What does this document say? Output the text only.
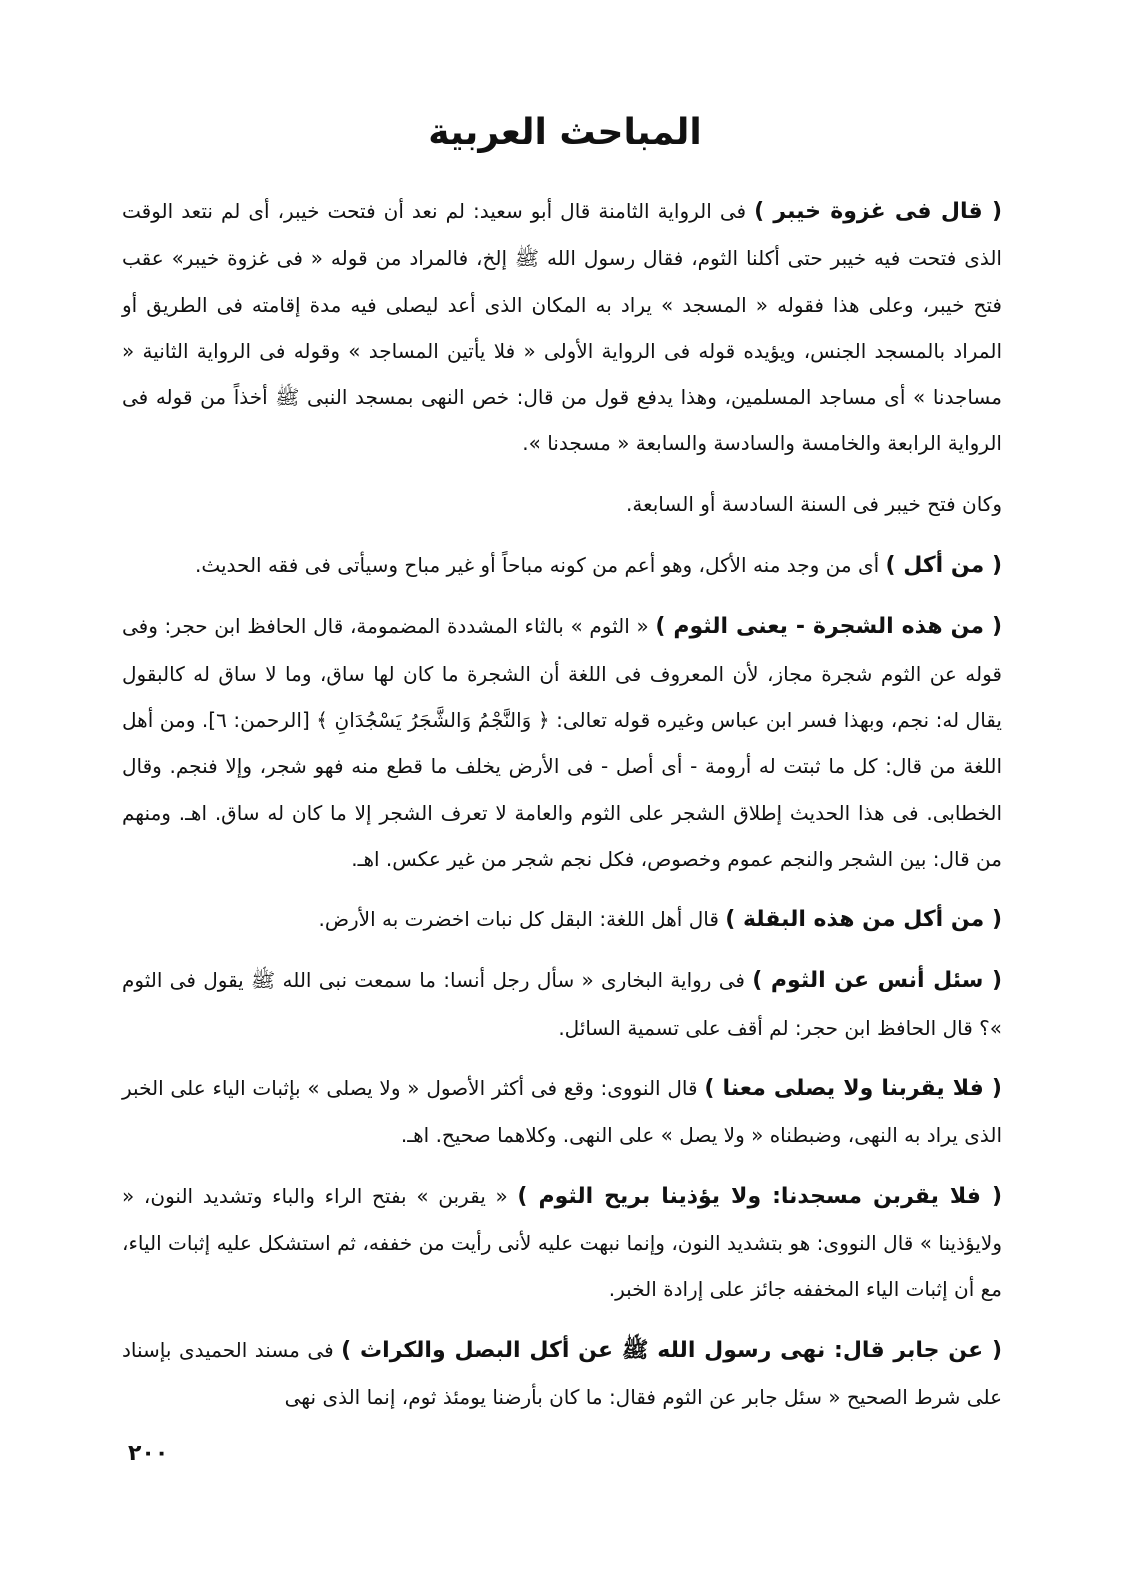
المباحث العربية

( قال فى غزوة خيبر ) فى الرواية الثامنة قال أبو سعيد: لم نعد أن فتحت خيبر، أى لم نتعد الوقت الذى فتحت فيه خيبر حتى أكلنا الثوم، فقال رسول الله ﷺ إلخ، فالمراد من قوله « فى غزوة خيبر» عقب فتح خيبر، وعلى هذا فقوله « المسجد » يراد به المكان الذى أعد ليصلى فيه مدة إقامته فى الطريق أو المراد بالمسجد الجنس، ويؤيده قوله فى الرواية الأولى « فلا يأتين المساجد » وقوله فى الرواية الثانية « مساجدنا » أى مساجد المسلمين، وهذا يدفع قول من قال: خص النهى بمسجد النبى ﷺ أخذاً من قوله فى الرواية الرابعة والخامسة والسادسة والسابعة « مسجدنا ».

وكان فتح خيبر فى السنة السادسة أو السابعة.

( من أكل ) أى من وجد منه الأكل، وهو أعم من كونه مباحاً أو غير مباح وسيأتى فى فقه الحديث.

( من هذه الشجرة - يعنى الثوم ) « الثوم » بالثاء المشددة المضمومة، قال الحافظ ابن حجر: وفى قوله عن الثوم شجرة مجاز، لأن المعروف فى اللغة أن الشجرة ما كان لها ساق، وما لا ساق له كالبقول يقال له: نجم، وبهذا فسر ابن عباس وغيره قوله تعالى: ﴿ وَالنَّجْمُ وَالشَّجَرُ يَسْجُدَانِ ﴾ [الرحمن: ٦]. ومن أهل اللغة من قال: كل ما ثبتت له أرومة - أى أصل - فى الأرض يخلف ما قطع منه فهو شجر، وإلا فنجم. وقال الخطابى. فى هذا الحديث إطلاق الشجر على الثوم والعامة لا تعرف الشجر إلا ما كان له ساق. اهـ. ومنهم من قال: بين الشجر والنجم عموم وخصوص، فكل نجم شجر من غير عكس. اهـ.

( من أكل من هذه البقلة ) قال أهل اللغة: البقل كل نبات اخضرت به الأرض.

( سئل أنس عن الثوم ) فى رواية البخارى « سأل رجل أنسا: ما سمعت نبى الله ﷺ يقول فى الثوم »؟ قال الحافظ ابن حجر: لم أقف على تسمية السائل.

( فلا يقربنا ولا يصلى معنا ) قال النووى: وقع فى أكثر الأصول « ولا يصلى » بإثبات الياء على الخبر الذى يراد به النهى، وضبطناه « ولا يصل » على النهى. وكلاهما صحيح. اهـ.

( فلا يقربن مسجدنا: ولا يؤذينا بريح الثوم ) « يقربن » بفتح الراء والباء وتشديد النون، « ولايؤذينا » قال النووى: هو بتشديد النون، وإنما نبهت عليه لأنى رأيت من خففه، ثم استشكل عليه إثبات الياء، مع أن إثبات الياء المخففه جائز على إرادة الخبر.

( عن جابر قال: نهى رسول الله ﷺ عن أكل البصل والكراث ) فى مسند الحميدى بإسناد على شرط الصحيح « سئل جابر عن الثوم فقال: ما كان بأرضنا يومئذ ثوم، إنما الذى نهى

٢٠٠
